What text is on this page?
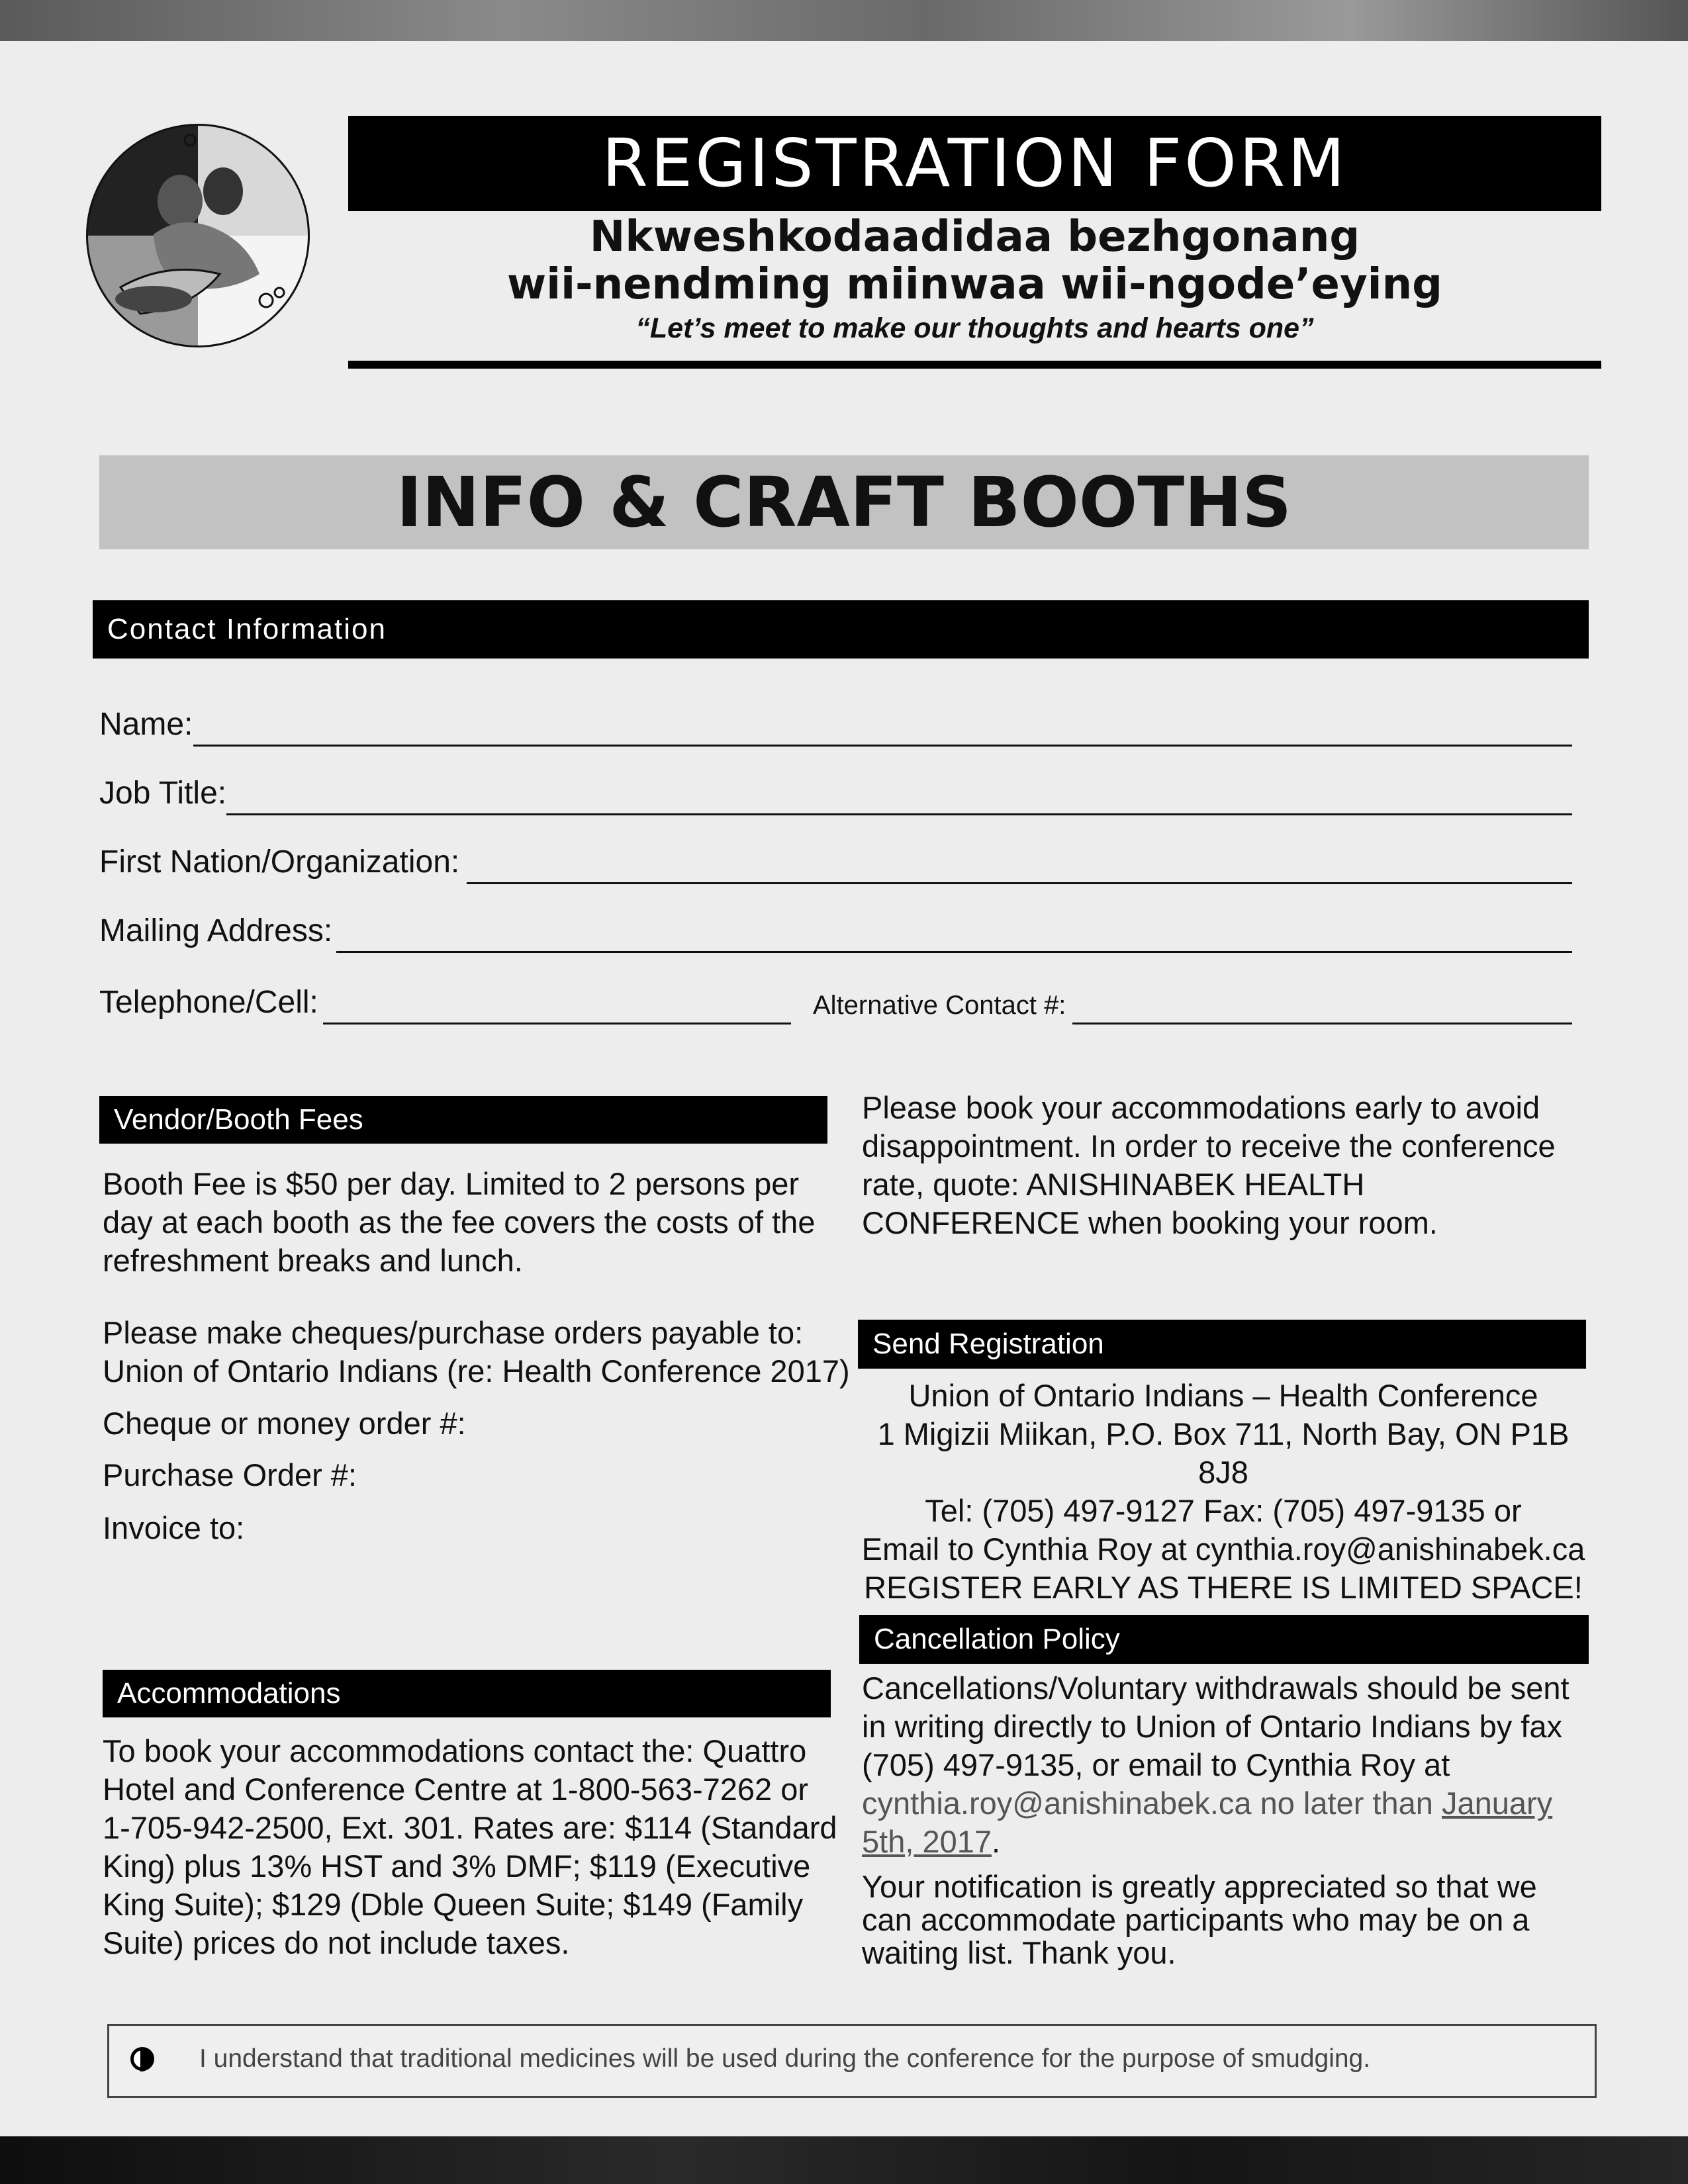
REGISTRATION FORM
Nkweshkodaadidaa bezhgonang
wii-nendming miinwaa wii-ngode’eying
“Let’s meet to make our thoughts and hearts one”
INFO & CRAFT BOOTHS
Contact Information
Name:
Job Title:
First Nation/Organization:
Mailing Address:
Telephone/Cell:	Alternative Contact #:
Vendor/Booth Fees
Booth Fee is $50 per day. Limited to 2 persons per day at each booth as the fee covers the costs of the refreshment breaks and lunch.
Please make cheques/purchase orders payable to: Union of Ontario Indians (re: Health Conference 2017)
Cheque or money order #:
Purchase Order #:
Invoice to:
Accommodations
To book your accommodations contact the: Quattro Hotel and Conference Centre at 1-800-563-7262 or 1-705-942-2500, Ext. 301. Rates are: $114 (Standard King) plus 13% HST and 3% DMF; $119 (Executive King Suite); $129 (Dble Queen Suite; $149 (Family Suite) prices do not include taxes.
Please book your accommodations early to avoid disappointment. In order to receive the conference rate, quote: ANISHINABEK HEALTH CONFERENCE when booking your room.
Send Registration
Union of Ontario Indians – Health Conference
1 Migizii Miikan, P.O. Box 711, North Bay, ON P1B 8J8
Tel: (705) 497-9127 Fax: (705) 497-9135 or
Email to Cynthia Roy at cynthia.roy@anishinabek.ca
REGISTER EARLY AS THERE IS LIMITED SPACE!
Cancellation Policy
Cancellations/Voluntary withdrawals should be sent in writing directly to Union of Ontario Indians by fax (705) 497-9135, or email to Cynthia Roy at cynthia.roy@anishinabek.ca no later than January 5th, 2017.
Your notification is greatly appreciated so that we can accommodate participants who may be on a waiting list. Thank you.
I understand that traditional medicines will be used during the conference for the purpose of smudging.
